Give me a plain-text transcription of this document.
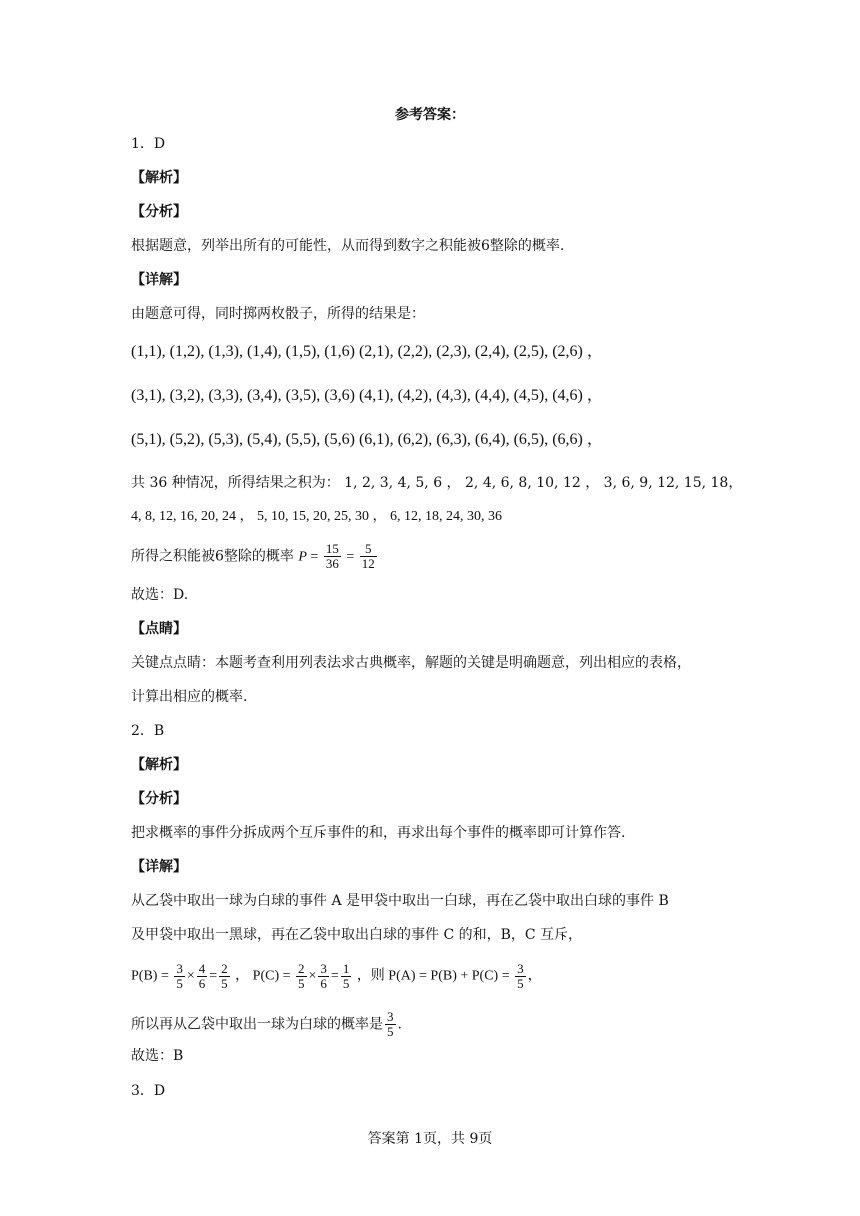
参考答案：
1．D
【解析】
【分析】
根据题意，列举出所有的可能性，从而得到数字之积能被6整除的概率.
【详解】
由题意可得，同时掷两枚骰子，所得的结果是：
(1,1), (1,2), (1,3), (1,4), (1,5), (1,6) (2,1), (2,2), (2,3), (2,4), (2,5), (2,6) ，
(3,1), (3,2), (3,3), (3,4), (3,5), (3,6) (4,1), (4,2), (4,3), (4,4), (4,5), (4,6) ，
(5,1), (5,2), (5,3), (5,4), (5,5), (5,6) (6,1), (6,2), (6,3), (6,4), (6,5), (6,6) ，
共 36 种情况，所得结果之积为： 1, 2, 3, 4, 5, 6 ， 2, 4, 6, 8, 10, 12 ， 3, 6, 9, 12, 15, 18，
4, 8, 12, 16, 20, 24 ， 5, 10, 15, 20, 25, 30 ， 6, 12, 18, 24, 30, 36
所得之积能被6整除的概率 $P = \frac{15}{36} = \frac{5}{12}$
故选：D.
【点睛】
关键点点睛：本题考查利用列表法求古典概率，解题的关键是明确题意，列出相应的表格，
计算出相应的概率.
2．B
【解析】
【分析】
把求概率的事件分拆成两个互斥事件的和，再求出每个事件的概率即可计算作答.
【详解】
从乙袋中取出一球为白球的事件 A 是甲袋中取出一白球，再在乙袋中取出白球的事件 B
及甲袋中取出一黑球，再在乙袋中取出白球的事件 C 的和，B，C 互斥，
$P(B) = \frac{3}{5} \times \frac{4}{6} = \frac{2}{5}$ ， $P(C) = \frac{2}{5} \times \frac{3}{6} = \frac{1}{5}$ ，则 $P(A) = P(B) + P(C) = \frac{3}{5}$ ，
所以再从乙袋中取出一球为白球的概率是 $\frac{3}{5}$ .
故选：B
3．D
答案第 1页，共 9页
